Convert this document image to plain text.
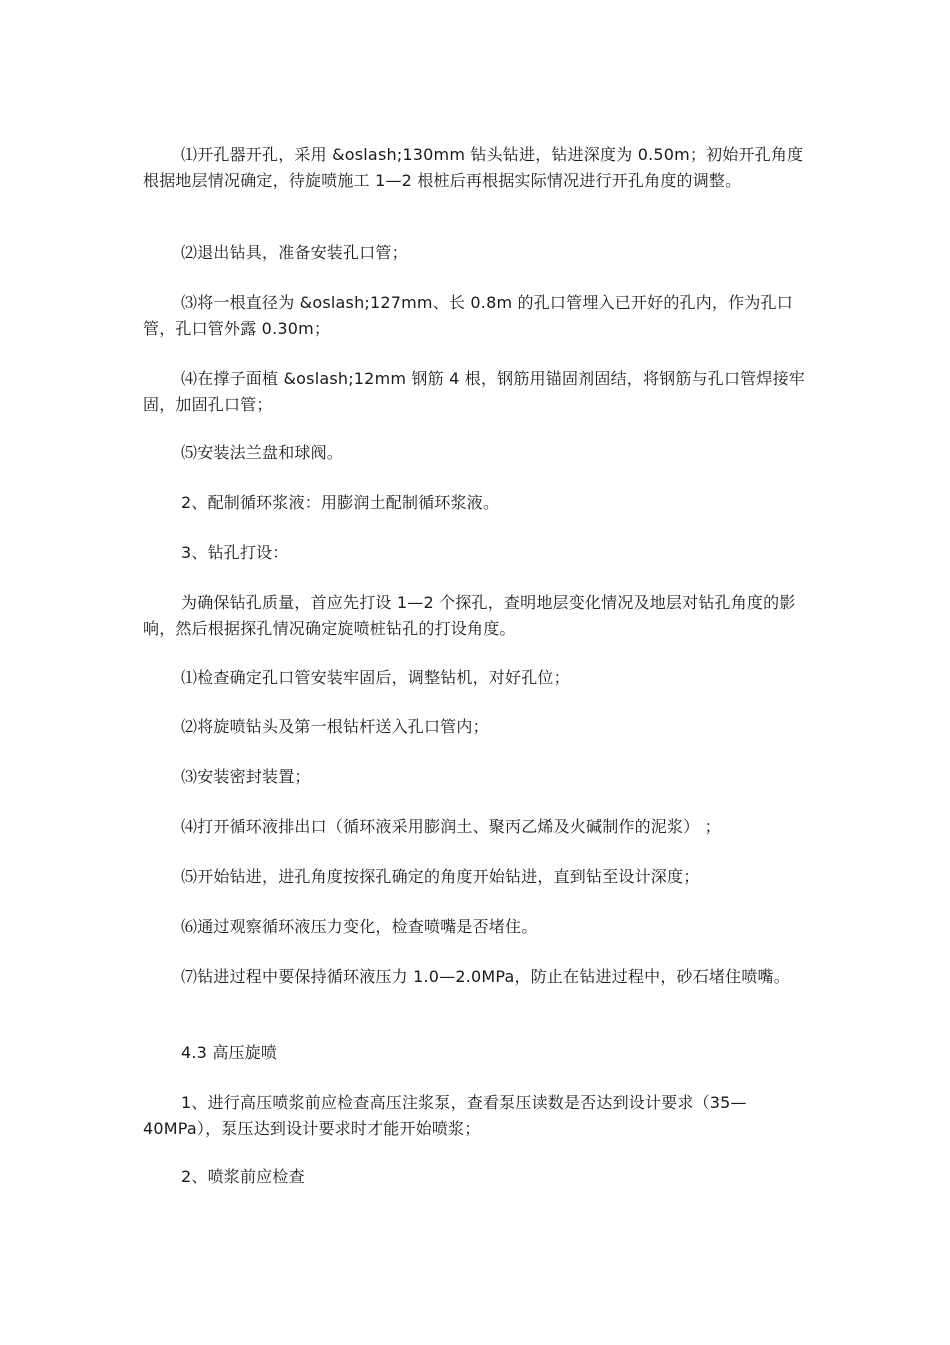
⑴开孔器开孔，采用 &oslash;130mm 钻头钻进，钻进深度为 0.50m；初始开孔角度根据地层情况确定，待旋喷施工 1—2 根桩后再根据实际情况进行开孔角度的调整。

⑵退出钻具，准备安装孔口管；

⑶将一根直径为 &oslash;127mm、长 0.8m 的孔口管埋入已开好的孔内，作为孔口管，孔口管外露 0.30m；

⑷在撑子面植 &oslash;12mm 钢筋 4 根，钢筋用锚固剂固结，将钢筋与孔口管焊接牢固，加固孔口管；

⑸安装法兰盘和球阀。

2、配制循环浆液：用膨润土配制循环浆液。

3、钻孔打设：

为确保钻孔质量，首应先打设 1—2 个探孔，查明地层变化情况及地层对钻孔角度的影响，然后根据探孔情况确定旋喷桩钻孔的打设角度。

⑴检查确定孔口管安装牢固后，调整钻机，对好孔位；

⑵将旋喷钻头及第一根钻杆送入孔口管内；

⑶安装密封装置；

⑷打开循环液排出口（循环液采用膨润土、聚丙乙烯及火碱制作的泥浆） ；

⑸开始钻进，进孔角度按探孔确定的角度开始钻进，直到钻至设计深度；

⑹通过观察循环液压力变化，检查喷嘴是否堵住。

⑺钻进过程中要保持循环液压力 1.0—2.0MPa，防止在钻进过程中，砂石堵住喷嘴。

4.3 高压旋喷

1、进行高压喷浆前应检查高压注浆泵，查看泵压读数是否达到设计要求（35—40MPa），泵压达到设计要求时才能开始喷浆；

2、喷浆前应检查
